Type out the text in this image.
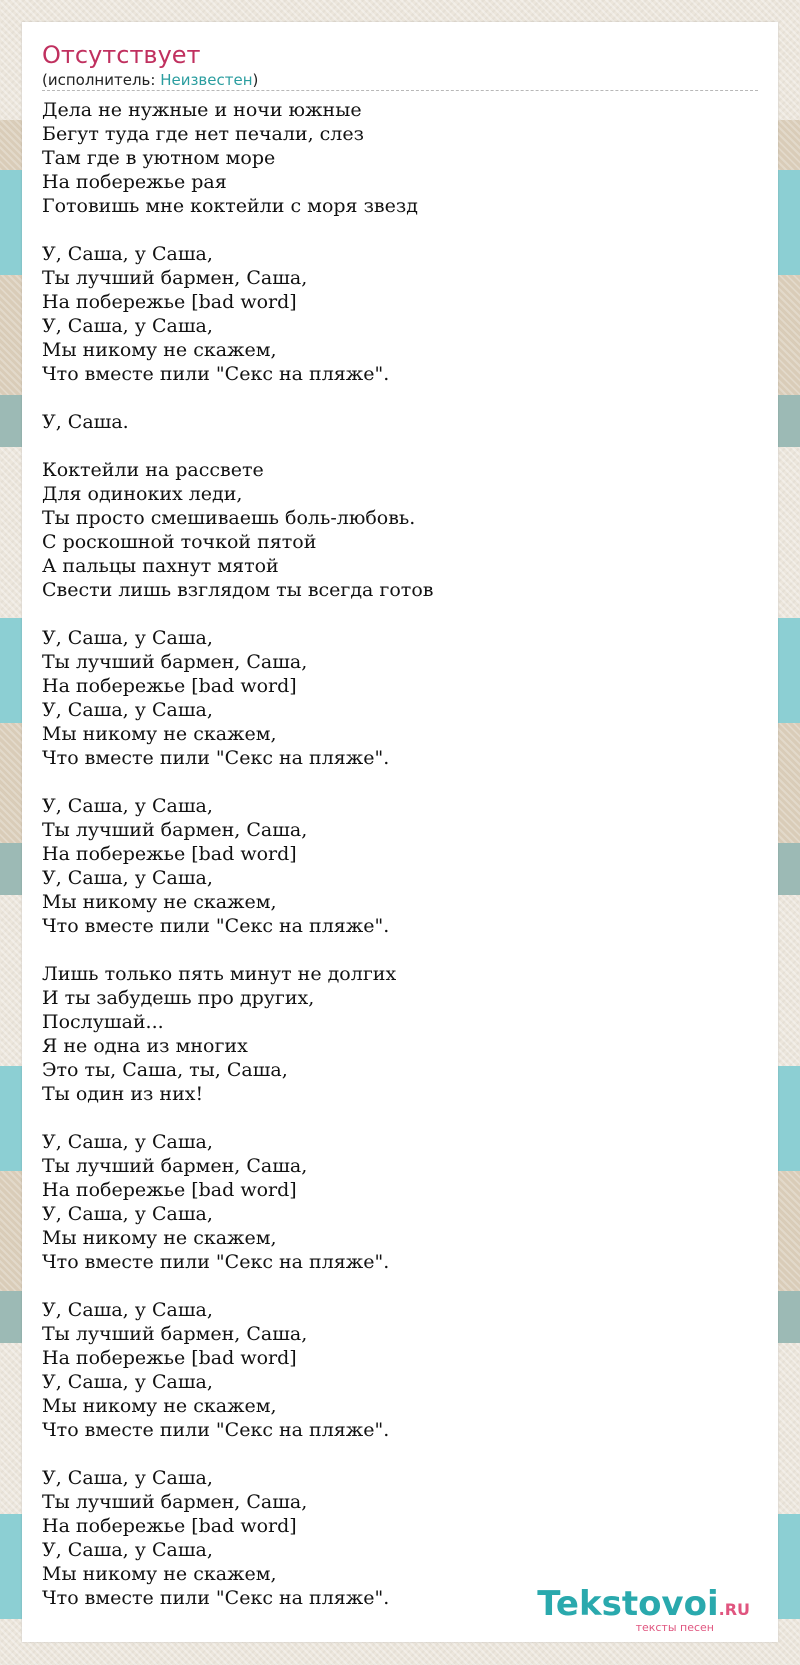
Отсутствует
(исполнитель: Неизвестен)
Дела не нужные и ночи южные
Бегут туда где нет печали, слез
Там где в уютном море
На побережье рая
Готовишь мне коктейли с моря звезд
У, Саша, у Саша,
Ты лучший бармен, Саша,
На побережье [bad word]
У, Саша, у Саша,
Мы никому не скажем,
Что вместе пили "Секс на пляже".
У, Саша.
Коктейли на рассвете
Для одиноких леди,
Ты просто смешиваешь боль-любовь.
С роскошной точкой пятой
А пальцы пахнут мятой
Свести лишь взглядом ты всегда готов
У, Саша, у Саша,
Ты лучший бармен, Саша,
На побережье [bad word]
У, Саша, у Саша,
Мы никому не скажем,
Что вместе пили "Секс на пляже".
У, Саша, у Саша,
Ты лучший бармен, Саша,
На побережье [bad word]
У, Саша, у Саша,
Мы никому не скажем,
Что вместе пили "Секс на пляже".
Лишь только пять минут не долгих
И ты забудешь про других,
Послушай...
Я не одна из многих
Это ты, Саша, ты, Саша,
Ты один из них!
У, Саша, у Саша,
Ты лучший бармен, Саша,
На побережье [bad word]
У, Саша, у Саша,
Мы никому не скажем,
Что вместе пили "Секс на пляже".
У, Саша, у Саша,
Ты лучший бармен, Саша,
На побережье [bad word]
У, Саша, у Саша,
Мы никому не скажем,
Что вместе пили "Секс на пляже".
У, Саша, у Саша,
Ты лучший бармен, Саша,
На побережье [bad word]
У, Саша, у Саша,
Мы никому не скажем,
Что вместе пили "Секс на пляже".	Tekstovoi.RU
тексты песен
